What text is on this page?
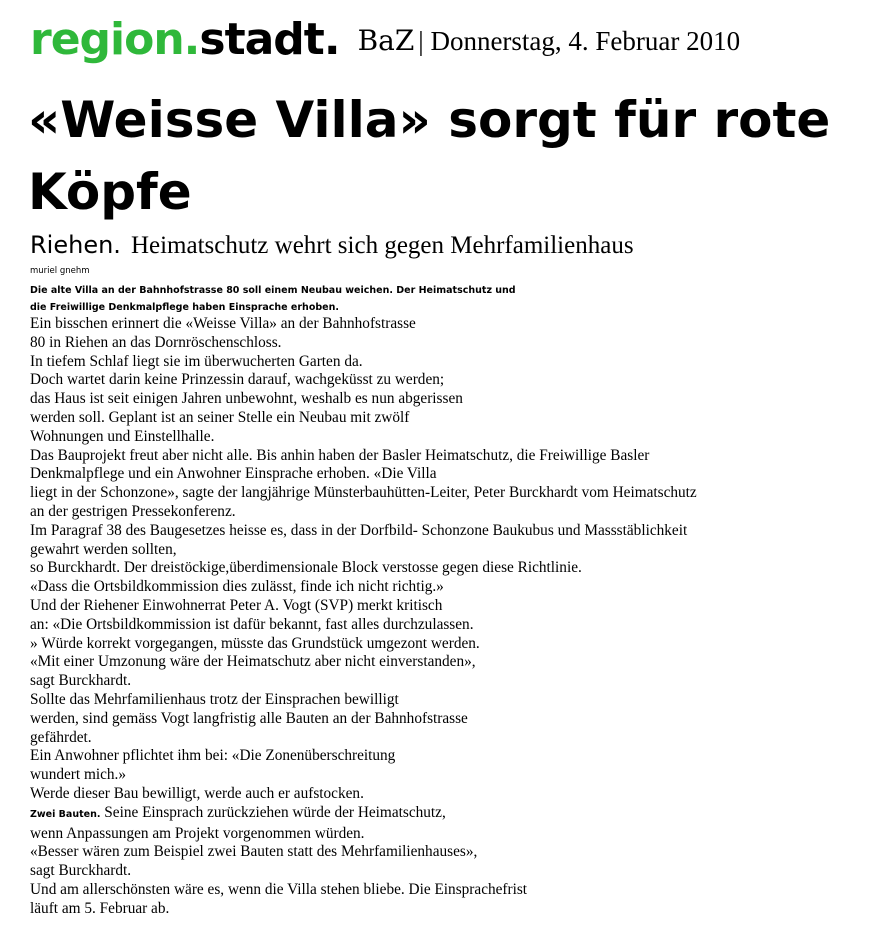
region.stadt. BaZ | Donnerstag, 4. Februar 2010
«Weisse Villa» sorgt für rote Köpfe
Riehen. Heimatschutz wehrt sich gegen Mehrfamilienhaus
muriel gnehm

Die alte Villa an der Bahnhofstrasse 80 soll einem Neubau weichen. Der Heimatschutz und
die Freiwillige Denkmalpflege haben Einsprache erhoben.

Ein bisschen erinnert die «Weisse Villa» an der Bahnhofstrasse
80 in Riehen an das Dornröschenschloss.
In tiefem Schlaf liegt sie im überwucherten Garten da.
Doch wartet darin keine Prinzessin darauf, wachgeküsst zu werden;
das Haus ist seit einigen Jahren unbewohnt, weshalb es nun abgerissen
werden soll. Geplant ist an seiner Stelle ein Neubau mit zwölf
Wohnungen und Einstellhalle.
Das Bauprojekt freut aber nicht alle. Bis anhin haben der Basler Heimatschutz, die Freiwillige Basler
Denkmalpflege und ein Anwohner Einsprache erhoben. «Die Villa
liegt in der Schonzone», sagte der langjährige Münsterbauhütten-Leiter, Peter Burckhardt vom Heimatschutz
an der gestrigen Pressekonferenz.
Im Paragraf 38 des Baugesetzes heisse es, dass in der Dorfbild- Schonzone Baukubus und Massstäblichkeit
gewahrt werden sollten,
so Burckhardt. Der dreistöckige,überdimensionale Block verstosse gegen diese Richtlinie.
«Dass die Ortsbildkommission dies zulässt, finde ich nicht richtig.»
Und der Riehener Einwohnerrat Peter A. Vogt (SVP) merkt kritisch
an: «Die Ortsbildkommission ist dafür bekannt, fast alles durchzulassen.
» Würde korrekt vorgegangen, müsste das Grundstück umgezont werden.
«Mit einer Umzonung wäre der Heimatschutz aber nicht einverstanden»,
sagt Burckhardt.
Sollte das Mehrfamilienhaus trotz der Einsprachen bewilligt
werden, sind gemäss Vogt langfristig alle Bauten an der Bahnhofstrasse
gefährdet.
Ein Anwohner pflichtet ihm bei: «Die Zonenüberschreitung
wundert mich.»
Werde dieser Bau bewilligt, werde auch er aufstocken.
Zwei Bauten. Seine Einsprach zurückziehen würde der Heimatschutz,
wenn Anpassungen am Projekt vorgenommen würden.
«Besser wären zum Beispiel zwei Bauten statt des Mehrfamilienhauses»,
sagt Burckhardt.
Und am allerschönsten wäre es, wenn die Villa stehen bliebe. Die Einsprachefrist
läuft am 5. Februar ab.
